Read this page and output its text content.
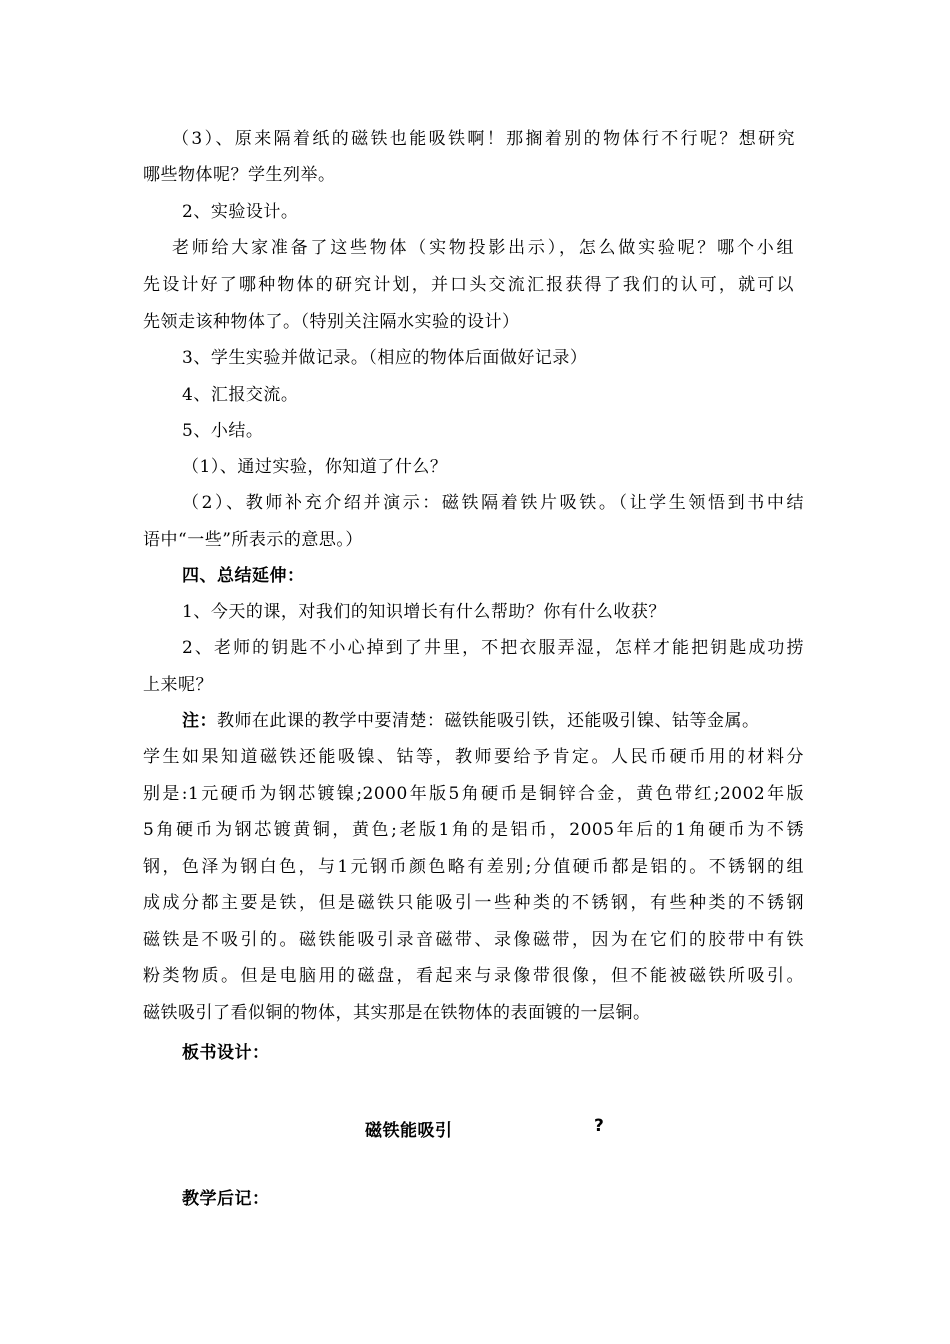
（3）、原来隔着纸的磁铁也能吸铁啊！那搁着别的物体行不行呢？想研究
哪些物体呢？学生列举。
2、实验设计。
老师给大家准备了这些物体（实物投影出示），怎么做实验呢？哪个小组
先设计好了哪种物体的研究计划，并口头交流汇报获得了我们的认可，就可以
先领走该种物体了。（特别关注隔水实验的设计）
3、学生实验并做记录。（相应的物体后面做好记录）
4、汇报交流。
5、小结。
（1）、通过实验，你知道了什么？
（2）、教师补充介绍并演示：磁铁隔着铁片吸铁。（让学生领悟到书中结
语中“一些”所表示的意思。）
四、总结延伸：
1、今天的课，对我们的知识增长有什么帮助？你有什么收获？
2、老师的钥匙不小心掉到了井里，不把衣服弄湿，怎样才能把钥匙成功捞
上来呢？
注：教师在此课的教学中要清楚：磁铁能吸引铁，还能吸引镍、钴等金属。
学生如果知道磁铁还能吸镍、钴等，教师要给予肯定。人民币硬币用的材料分
别是:1元硬币为钢芯镀镍;2000年版5角硬币是铜锌合金，黄色带红;2002年版
5角硬币为钢芯镀黄铜，黄色;老版1角的是铝币，2005年后的1角硬币为不锈
钢，色泽为钢白色，与1元钢币颜色略有差别;分值硬币都是铝的。不锈钢的组
成成分都主要是铁，但是磁铁只能吸引一些种类的不锈钢，有些种类的不锈钢
磁铁是不吸引的。磁铁能吸引录音磁带、录像磁带，因为在它们的胶带中有铁
粉类物质。但是电脑用的磁盘，看起来与录像带很像，但不能被磁铁所吸引。
磁铁吸引了看似铜的物体，其实那是在铁物体的表面镀的一层铜。
板书设计：
磁铁能吸引	?
教学后记：
